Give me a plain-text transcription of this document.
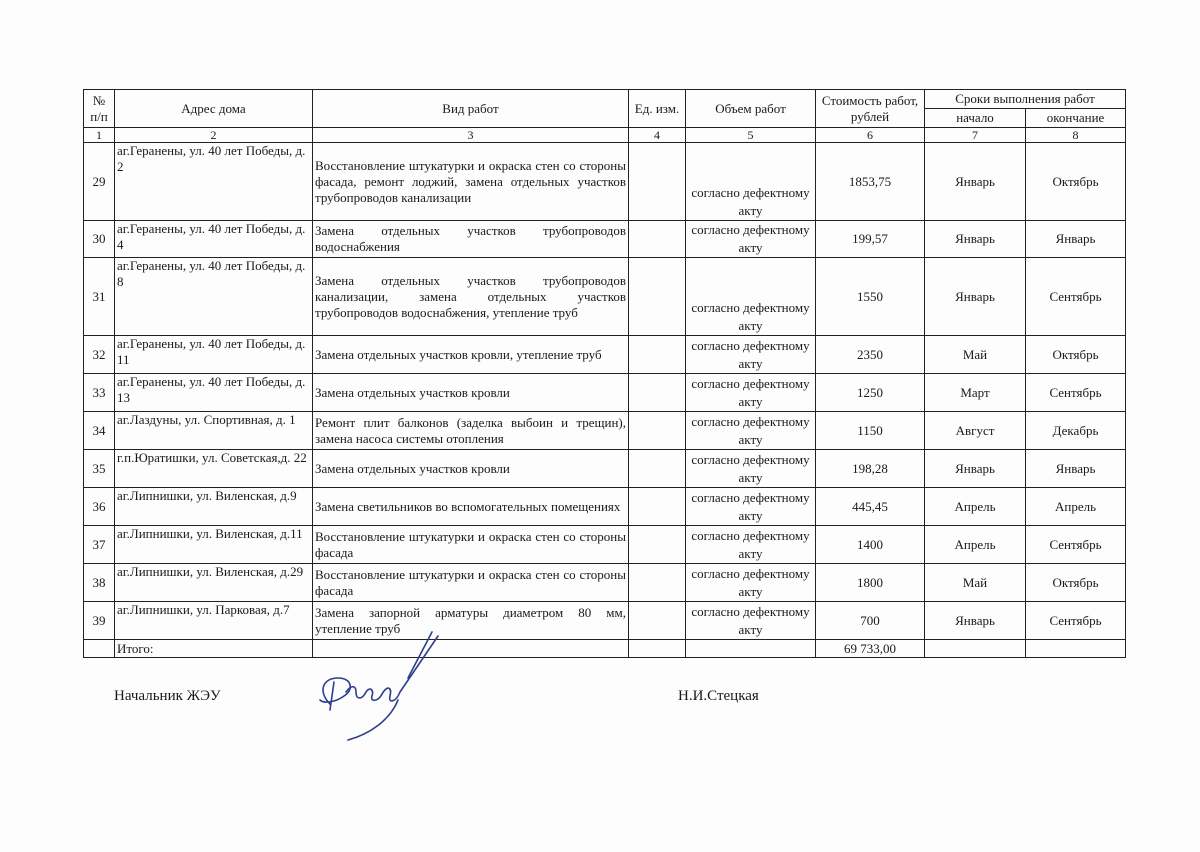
№ п/п	Адрес дома	Вид работ	Ед. изм.	Объем работ	Стоимость работ, рублей	Сроки выполнения работ	
						начало	окончание
1	2	3	4	5	6	7	8
29	аг.Геранены, ул. 40 лет Победы, д. 2	Восстановление штукатурки и окраска стен со стороны фасада, ремонт лоджий, замена отдельных участков трубопроводов канализации		согласно дефектному акту	1853,75	Январь	Октябрь
30	аг.Геранены, ул. 40 лет Победы, д. 4	Замена отдельных участков трубопроводов водоснабжения		согласно дефектному акту	199,57	Январь	Январь
31	аг.Геранены, ул. 40 лет Победы, д. 8	Замена отдельных участков трубопроводов канализации, замена отдельных участков трубопроводов водоснабжения, утепление труб		согласно дефектному акту	1550	Январь	Сентябрь
32	аг.Геранены, ул. 40 лет Победы, д. 11	Замена отдельных участков кровли, утепление труб		согласно дефектному акту	2350	Май	Октябрь
33	аг.Геранены, ул. 40 лет Победы, д. 13	Замена отдельных участков кровли		согласно дефектному акту	1250	Март	Сентябрь
34	аг.Лаздуны, ул. Спортивная, д. 1	Ремонт плит балконов (заделка выбоин и трещин), замена насоса системы отопления		согласно дефектному акту	1150	Август	Декабрь
35	г.п.Юратишки, ул. Советская,д. 22	Замена отдельных участков кровли		согласно дефектному акту	198,28	Январь	Январь
36	аг.Липнишки, ул. Виленская, д.9	Замена светильников во вспомогательных помещениях		согласно дефектному акту	445,45	Апрель	Апрель
37	аг.Липнишки, ул. Виленская, д.11	Восстановление штукатурки и окраска стен со стороны фасада		согласно дефектному акту	1400	Апрель	Сентябрь
38	аг.Липнишки, ул. Виленская, д.29	Восстановление штукатурки и окраска стен со стороны фасада		согласно дефектному акту	1800	Май	Октябрь
39	аг.Липнишки, ул. Парковая, д.7	Замена запорной арматуры диаметром 80 мм, утепление труб		согласно дефектному акту	700	Январь	Сентябрь
	Итого:				69 733,00		
Начальник ЖЭУ	Н.И.Стецкая
